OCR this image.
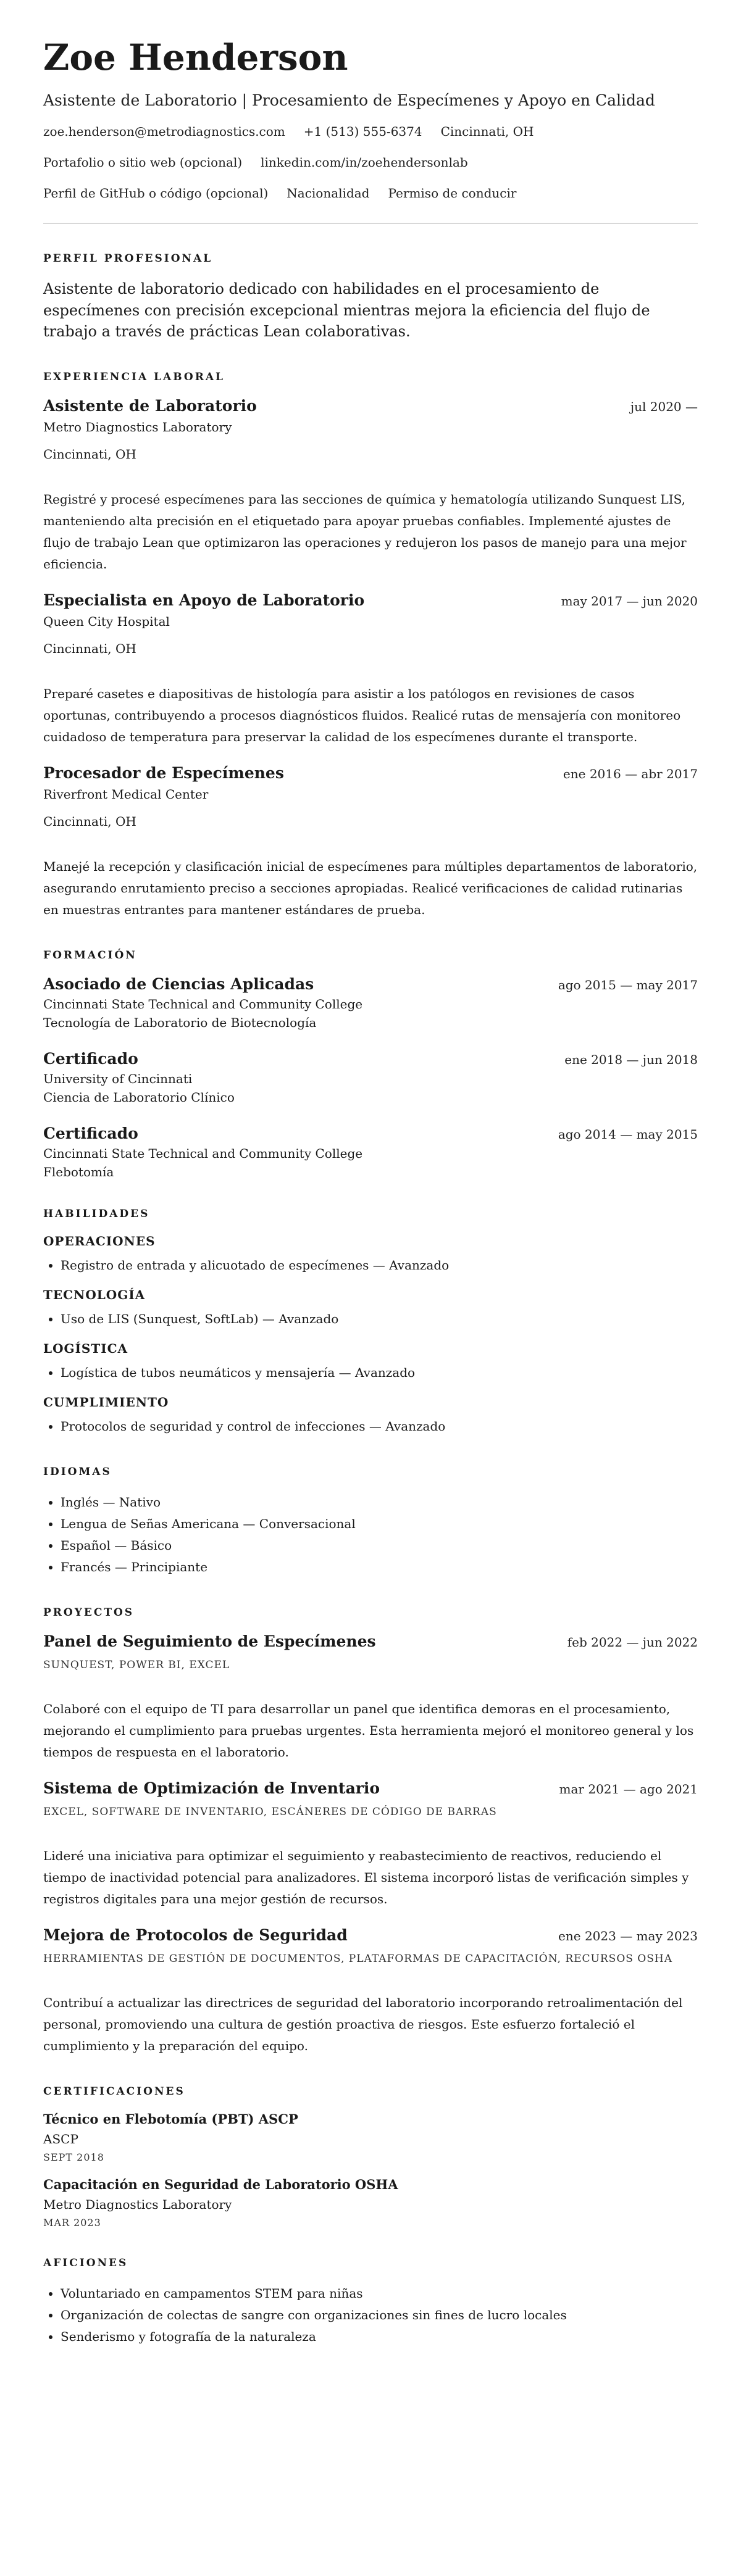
Zoe Henderson
Asistente de Laboratorio | Procesamiento de Especímenes y Apoyo en Calidad
zoe.henderson@metrodiagnostics.com +1 (513) 555-6374 Cincinnati, OH
Portafolio o sitio web (opcional) linkedin.com/in/zoehendersonlab
Perfil de GitHub o código (opcional) Nacionalidad Permiso de conducir
PERFIL PROFESIONAL
Asistente de laboratorio dedicado con habilidades en el procesamiento de especímenes con precisión excepcional mientras mejora la eficiencia del flujo de trabajo a través de prácticas Lean colaborativas.
EXPERIENCIA LABORAL
Asistente de Laboratorio	jul 2020 —
Metro Diagnostics Laboratory
Cincinnati, OH
Registré y procesé especímenes para las secciones de química y hematología utilizando Sunquest LIS, manteniendo alta precisión en el etiquetado para apoyar pruebas confiables. Implementé ajustes de flujo de trabajo Lean que optimizaron las operaciones y redujeron los pasos de manejo para una mejor eficiencia.
Especialista en Apoyo de Laboratorio	may 2017 — jun 2020
Queen City Hospital
Cincinnati, OH
Preparé casetes e diapositivas de histología para asistir a los patólogos en revisiones de casos oportunas, contribuyendo a procesos diagnósticos fluidos. Realicé rutas de mensajería con monitoreo cuidadoso de temperatura para preservar la calidad de los especímenes durante el transporte.
Procesador de Especímenes	ene 2016 — abr 2017
Riverfront Medical Center
Cincinnati, OH
Manejé la recepción y clasificación inicial de especímenes para múltiples departamentos de laboratorio, asegurando enrutamiento preciso a secciones apropiadas. Realicé verificaciones de calidad rutinarias en muestras entrantes para mantener estándares de prueba.
FORMACIÓN
Asociado de Ciencias Aplicadas	ago 2015 — may 2017
Cincinnati State Technical and Community College
Tecnología de Laboratorio de Biotecnología
Certificado	ene 2018 — jun 2018
University of Cincinnati
Ciencia de Laboratorio Clínico
Certificado	ago 2014 — may 2015
Cincinnati State Technical and Community College
Flebotomía
HABILIDADES
OPERACIONES
• Registro de entrada y alicuotado de especímenes — Avanzado
TECNOLOGÍA
• Uso de LIS (Sunquest, SoftLab) — Avanzado
LOGÍSTICA
• Logística de tubos neumáticos y mensajería — Avanzado
CUMPLIMIENTO
• Protocolos de seguridad y control de infecciones — Avanzado
IDIOMAS
• Inglés — Nativo
• Lengua de Señas Americana — Conversacional
• Español — Básico
• Francés — Principiante
PROYECTOS
Panel de Seguimiento de Especímenes	feb 2022 — jun 2022
SUNQUEST, POWER BI, EXCEL
Colaboré con el equipo de TI para desarrollar un panel que identifica demoras en el procesamiento, mejorando el cumplimiento para pruebas urgentes. Esta herramienta mejoró el monitoreo general y los tiempos de respuesta en el laboratorio.
Sistema de Optimización de Inventario	mar 2021 — ago 2021
EXCEL, SOFTWARE DE INVENTARIO, ESCÁNERES DE CÓDIGO DE BARRAS
Lideré una iniciativa para optimizar el seguimiento y reabastecimiento de reactivos, reduciendo el tiempo de inactividad potencial para analizadores. El sistema incorporó listas de verificación simples y registros digitales para una mejor gestión de recursos.
Mejora de Protocolos de Seguridad	ene 2023 — may 2023
HERRAMIENTAS DE GESTIÓN DE DOCUMENTOS, PLATAFORMAS DE CAPACITACIÓN, RECURSOS OSHA
Contribuí a actualizar las directrices de seguridad del laboratorio incorporando retroalimentación del personal, promoviendo una cultura de gestión proactiva de riesgos. Este esfuerzo fortaleció el cumplimiento y la preparación del equipo.
CERTIFICACIONES
Técnico en Flebotomía (PBT) ASCP
ASCP
SEPT 2018
Capacitación en Seguridad de Laboratorio OSHA
Metro Diagnostics Laboratory
MAR 2023
AFICIONES
• Voluntariado en campamentos STEM para niñas
• Organización de colectas de sangre con organizaciones sin fines de lucro locales
• Senderismo y fotografía de la naturaleza
